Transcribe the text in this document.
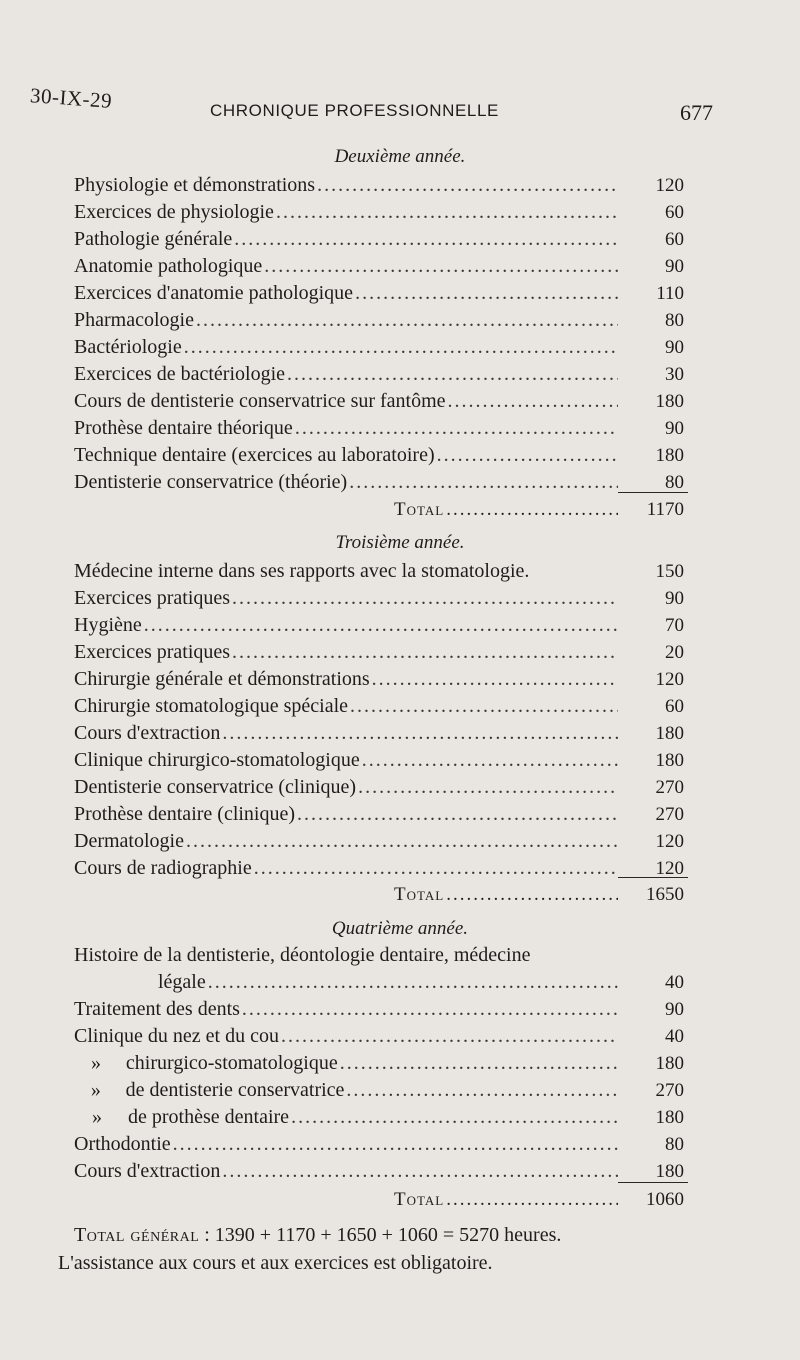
30-IX-29	CHRONIQUE PROFESSIONNELLE	677
Deuxième année.
Physiologie et démonstrations .....	120
Exercices de physiologie .....	60
Pathologie générale .....	60
Anatomie pathologique .....	90
Exercices d'anatomie pathologique .....	110
Pharmacologie .....	80
Bactériologie .....	90
Exercices de bactériologie .....	30
Cours de dentisterie conservatrice sur fantôme .....	180
Prothèse dentaire théorique .....	90
Technique dentaire (exercices au laboratoire) .....	180
Dentisterie conservatrice (théorie) .....	80
Total .....	1170
Troisième année.
Médecine interne dans ses rapports avec la stomatologie.	150
Exercices pratiques .....	90
Hygiène .....	70
Exercices pratiques .....	20
Chirurgie générale et démonstrations .....	120
Chirurgie stomatologique spéciale .....	60
Cours d'extraction .....	180
Clinique chirurgico-stomatologique .....	180
Dentisterie conservatrice (clinique) .....	270
Prothèse dentaire (clinique) .....	270
Dermatologie .....	120
Cours de radiographie .....	120
Total .....	1650
Quatrième année.
Histoire de la dentisterie, déontologie dentaire, médecine
légale .....	40
Traitement des dents .....	90
Clinique du nez et du cou .....	40
» chirurgico-stomatologique .....	180
» de dentisterie conservatrice .....	270
» de prothèse dentaire .....	180
Orthodontie .....	80
Cours d'extraction .....	180
Total .....	1060
Total général : 1390 + 1170 + 1650 + 1060 = 5270 heures.
L'assistance aux cours et aux exercices est obligatoire.
